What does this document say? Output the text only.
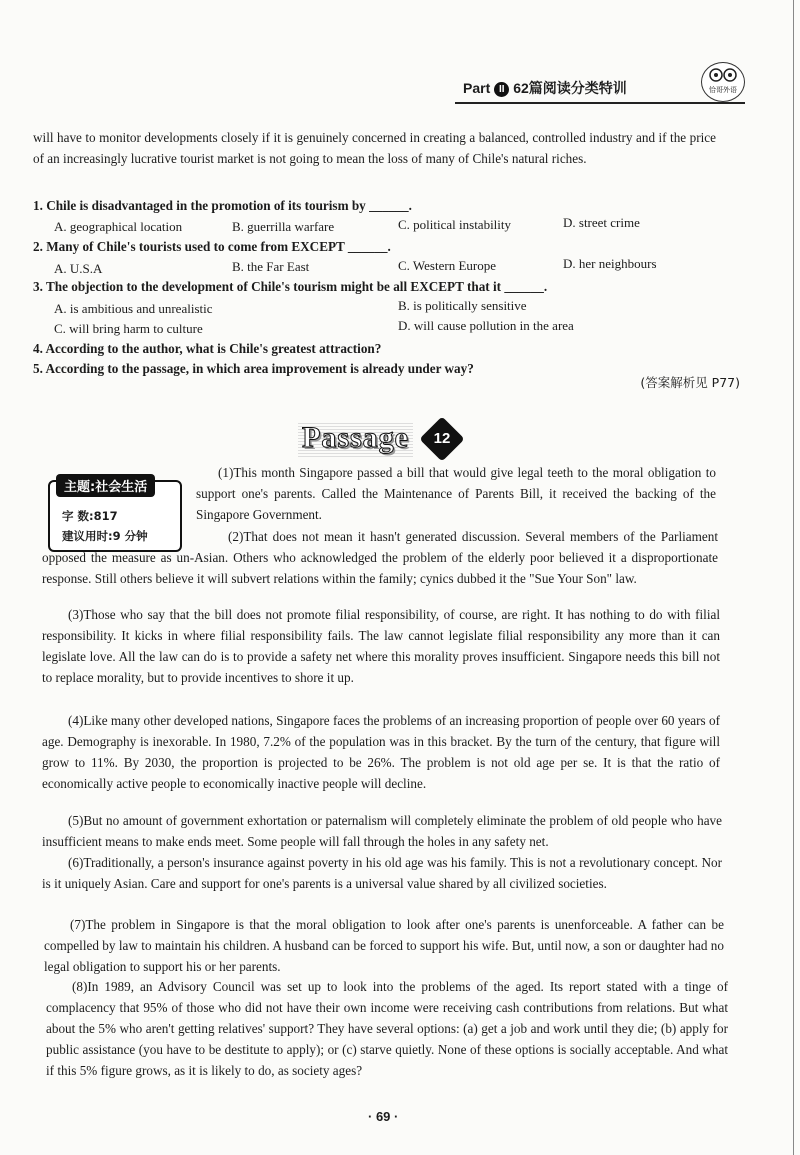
Part II 62篇阅读分类特训	恰哥外语
will have to monitor developments closely if it is genuinely concerned in creating a balanced, controlled industry and if the price of an increasingly lucrative tourist market is not going to mean the loss of many of Chile's natural riches.
1. Chile is disadvantaged in the promotion of its tourism by ______.
A. geographical location	B. guerrilla warfare	C. political instability	D. street crime
2. Many of Chile's tourists used to come from EXCEPT ______.
A. U.S.A	B. the Far East	C. Western Europe	D. her neighbours
3. The objection to the development of Chile's tourism might be all EXCEPT that it ______.
A. is ambitious and unrealistic	B. is politically sensitive
C. will bring harm to culture	D. will cause pollution in the area
4. According to the author, what is Chile's greatest attraction?
5. According to the passage, in which area improvement is already under way?
(答案解析见 P77)
Passage	12
主题:社会生活
字 数:817
建议用时:9 分钟
(1)This month Singapore passed a bill that would give legal teeth to the moral obligation to support one's parents. Called the Maintenance of Parents Bill, it received the backing of the Singapore Government.
(2)That does not mean it hasn't generated discussion. Several members of the Parliament opposed the measure as un-Asian. Others who acknowledged the problem of the elderly poor believed it a disproportionate response. Still others believe it will subvert relations within the family; cynics dubbed it the "Sue Your Son" law.
(3)Those who say that the bill does not promote filial responsibility, of course, are right. It has nothing to do with filial responsibility. It kicks in where filial responsibility fails. The law cannot legislate filial responsibility any more than it can legislate love. All the law can do is to provide a safety net where this morality proves insufficient. Singapore needs this bill not to replace morality, but to provide incentives to shore it up.
(4)Like many other developed nations, Singapore faces the problems of an increasing proportion of people over 60 years of age. Demography is inexorable. In 1980, 7.2% of the population was in this bracket. By the turn of the century, that figure will grow to 11%. By 2030, the proportion is projected to be 26%. The problem is not old age per se. It is that the ratio of economically active people to economically inactive people will decline.
(5)But no amount of government exhortation or paternalism will completely eliminate the problem of old people who have insufficient means to make ends meet. Some people will fall through the holes in any safety net.
(6)Traditionally, a person's insurance against poverty in his old age was his family. This is not a revolutionary concept. Nor is it uniquely Asian. Care and support for one's parents is a universal value shared by all civilized societies.
(7)The problem in Singapore is that the moral obligation to look after one's parents is unenforceable. A father can be compelled by law to maintain his children. A husband can be forced to support his wife. But, until now, a son or daughter had no legal obligation to support his or her parents.
(8)In 1989, an Advisory Council was set up to look into the problems of the aged. Its report stated with a tinge of complacency that 95% of those who did not have their own income were receiving cash contributions from relations. But what about the 5% who aren't getting relatives' support? They have several options: (a) get a job and work until they die; (b) apply for public assistance (you have to be destitute to apply); or (c) starve quietly. None of these options is socially acceptable. And what if this 5% figure grows, as it is likely to do, as society ages?
· 69 ·
